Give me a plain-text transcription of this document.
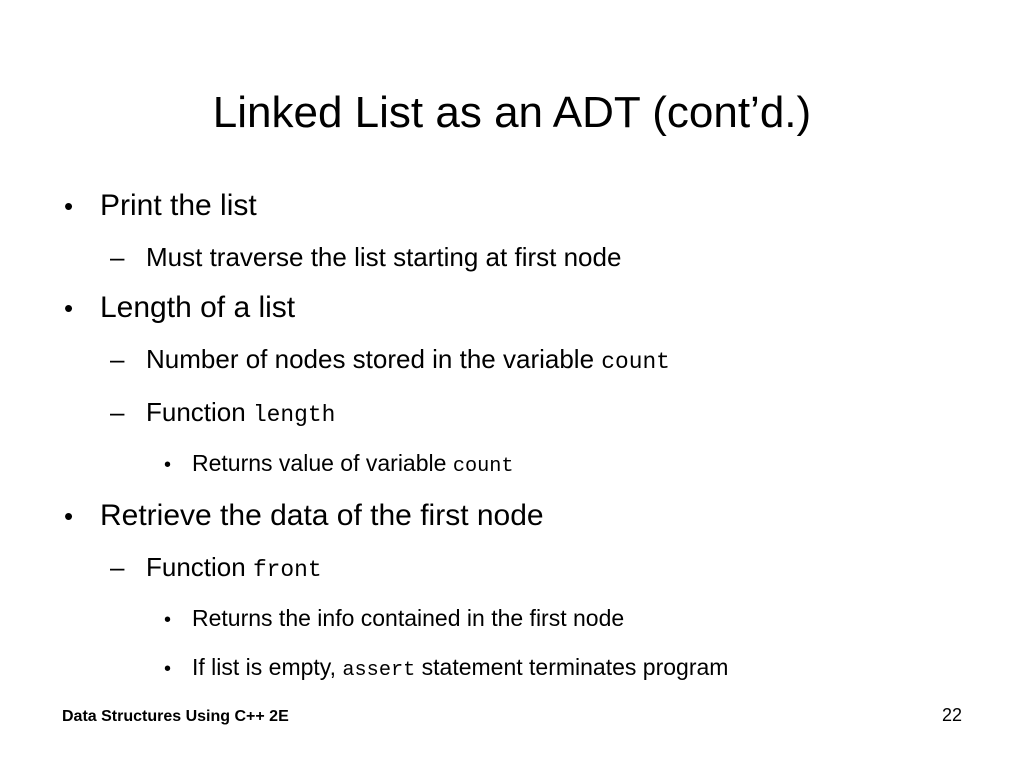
Linked List as an ADT (cont’d.)
• Print the list
– Must traverse the list starting at first node
• Length of a list
– Number of nodes stored in the variable count
– Function length
• Returns value of variable count
• Retrieve the data of the first node
– Function front
• Returns the info contained in the first node
• If list is empty, assert statement terminates program
Data Structures Using C++ 2E	22
